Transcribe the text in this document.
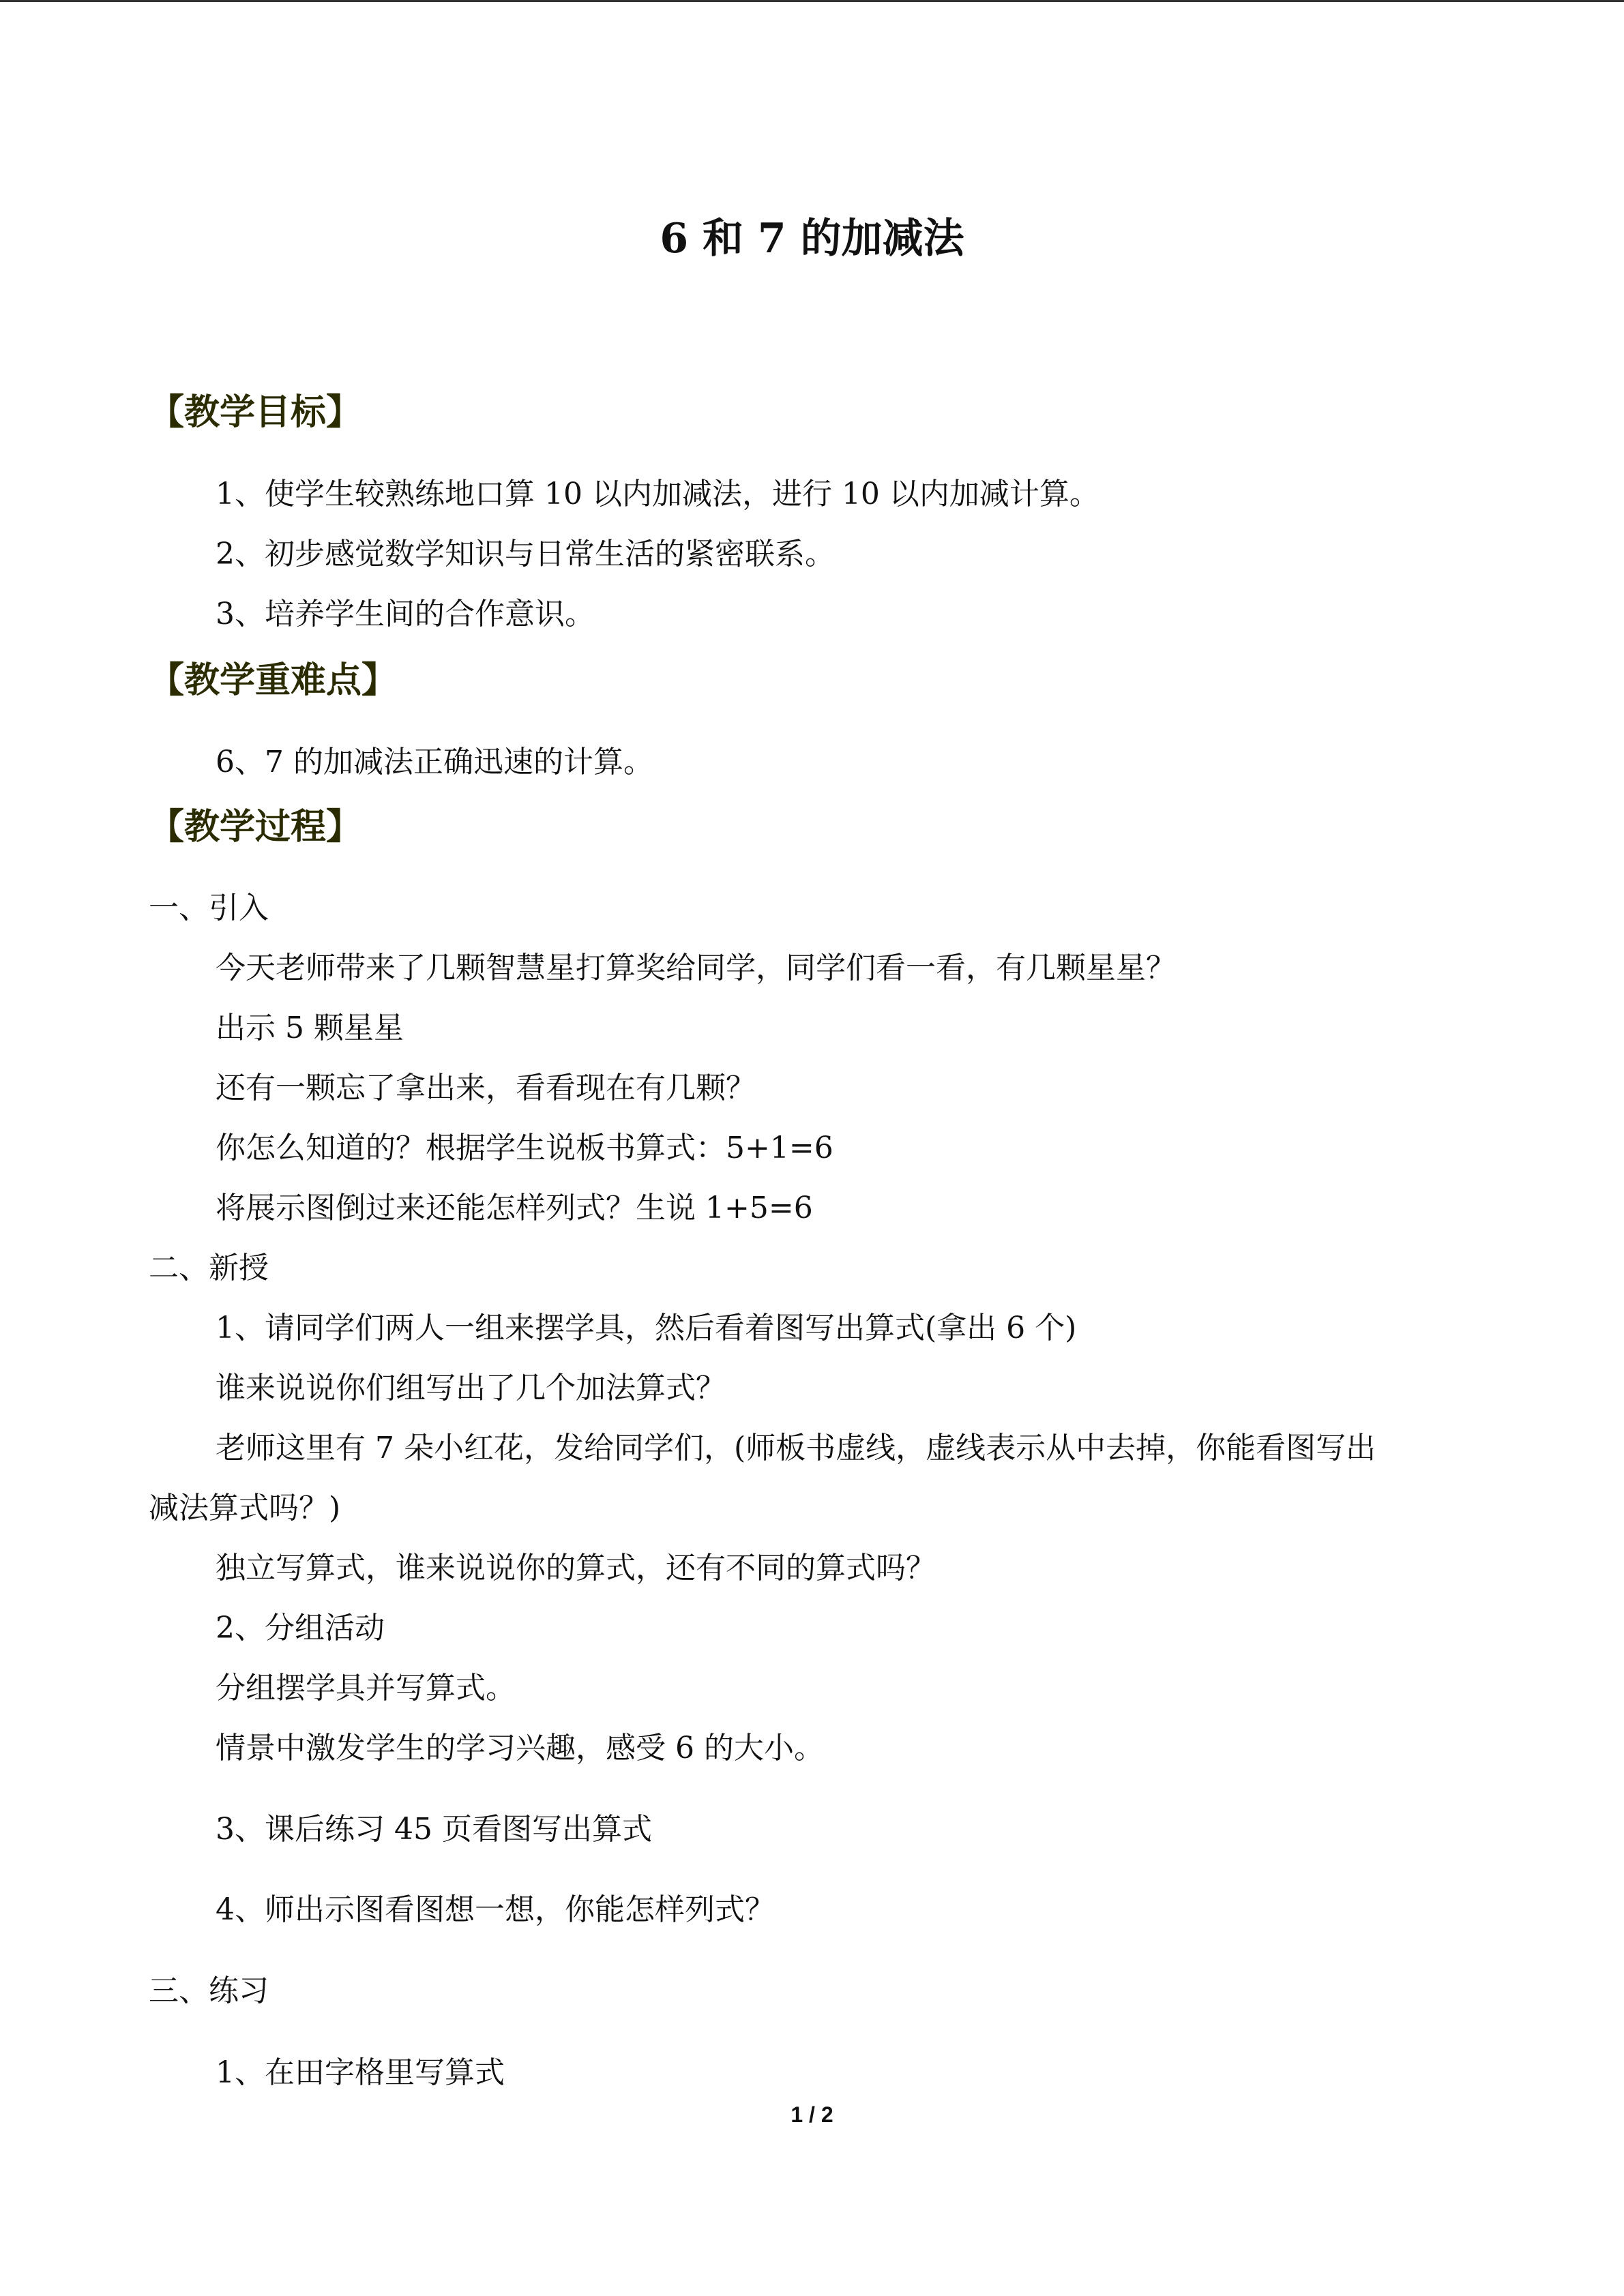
6 和 7 的加减法
【教学目标】
1、使学生较熟练地口算 10 以内加减法，进行 10 以内加减计算。
2、初步感觉数学知识与日常生活的紧密联系。
3、培养学生间的合作意识。
【教学重难点】
6、7 的加减法正确迅速的计算。
【教学过程】
一、引入
今天老师带来了几颗智慧星打算奖给同学，同学们看一看，有几颗星星？
出示 5 颗星星
还有一颗忘了拿出来，看看现在有几颗？
你怎么知道的？根据学生说板书算式：5+1=6
将展示图倒过来还能怎样列式？生说 1+5=6
二、新授
1、请同学们两人一组来摆学具，然后看着图写出算式(拿出 6 个)
谁来说说你们组写出了几个加法算式？
老师这里有 7 朵小红花，发给同学们，(师板书虚线，虚线表示从中去掉，你能看图写出
减法算式吗？)
独立写算式，谁来说说你的算式，还有不同的算式吗？
2、分组活动
分组摆学具并写算式。
情景中激发学生的学习兴趣，感受 6 的大小。
3、课后练习 45 页看图写出算式
4、师出示图看图想一想，你能怎样列式？
三、练习
1、在田字格里写算式
1 / 2
